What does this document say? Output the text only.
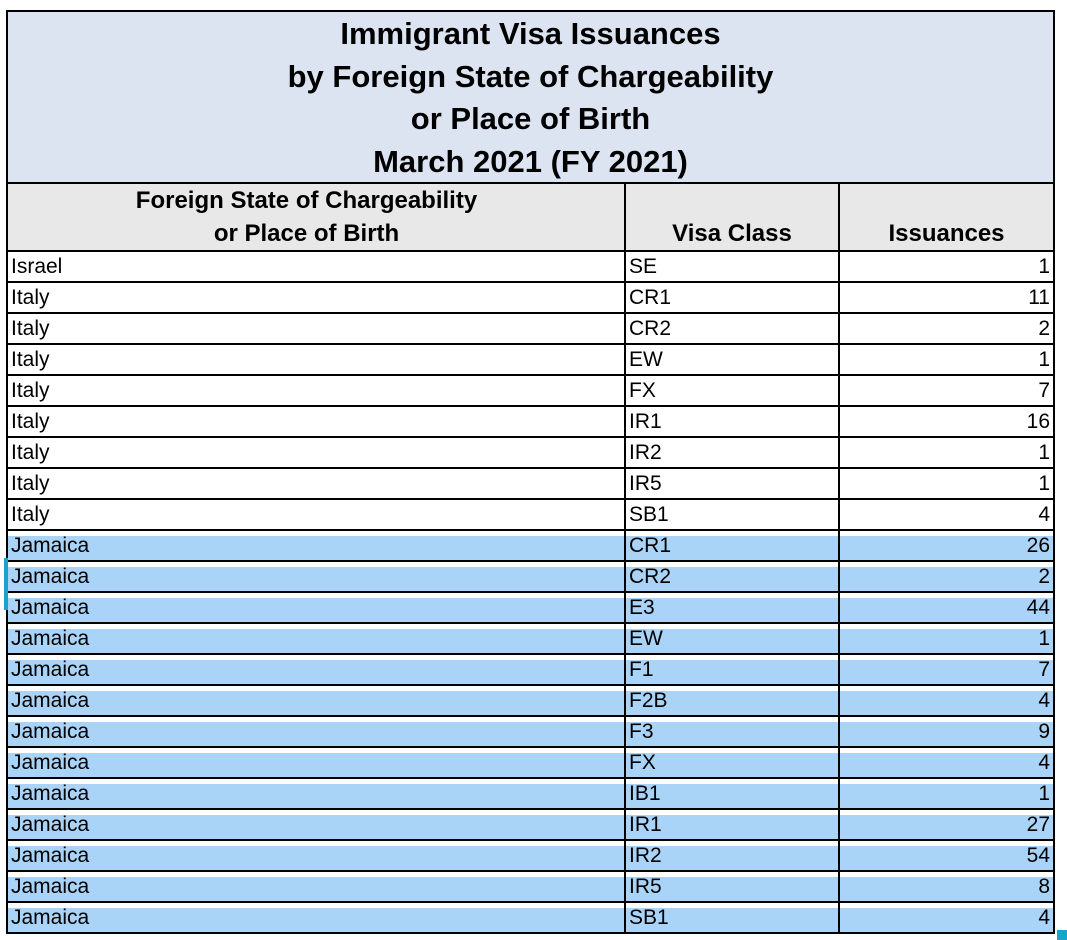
Immigrant Visa Issuances
by Foreign State of Chargeability
or Place of Birth
March 2021 (FY 2021)
Foreign State of Chargeability
or Place of Birth	Visa Class	Issuances
Israel	SE	1
Italy	CR1	11
Italy	CR2	2
Italy	EW	1
Italy	FX	7
Italy	IR1	16
Italy	IR2	1
Italy	IR5	1
Italy	SB1	4
Jamaica	CR1	26
Jamaica	CR2	2
Jamaica	E3	44
Jamaica	EW	1
Jamaica	F1	7
Jamaica	F2B	4
Jamaica	F3	9
Jamaica	FX	4
Jamaica	IB1	1
Jamaica	IR1	27
Jamaica	IR2	54
Jamaica	IR5	8
Jamaica	SB1	4
